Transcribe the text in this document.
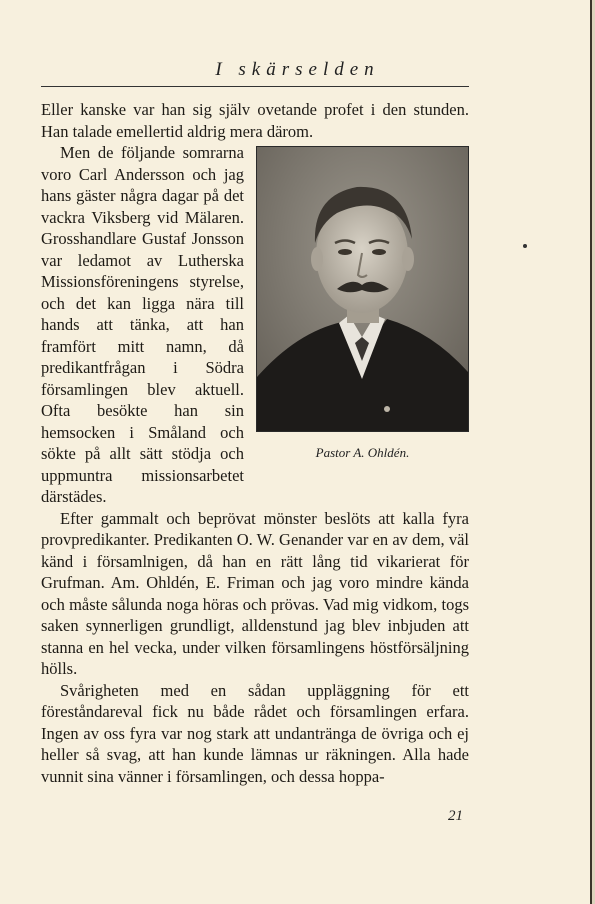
I skärselden

Eller kanske var han sig själv ovetande profet i den stunden. Han talade emellertid aldrig mera därom.

Pastor A. Ohldén.
Men de följande somrarna voro Carl Andersson och jag hans gäster några dagar på det vackra Viksberg vid Mälaren. Grosshandlare Gustaf Jonsson var ledamot av Lutherska Missionsföreningens styrelse, och det kan ligga nära till hands att tänka, att han framfört mitt namn, då predikantfrågan i Södra församlingen blev aktuell. Ofta besökte han sin hemsocken i Småland och sökte på allt sätt stödja och uppmuntra missionsarbetet därstädes.

Efter gammalt och beprövat mönster beslöts att kalla fyra provpredikanter. Predikanten O. W. Genander var en av dem, väl känd i församlnigen, då han en rätt lång tid vikarierat för Grufman. Am. Ohldén, E. Friman och jag voro mindre kända och måste sålunda noga höras och prövas. Vad mig vidkom, togs saken synnerligen grundligt, alldenstund jag blev inbjuden att stanna en hel vecka, under vilken församlingens höstförsäljning hölls.

Svårigheten med en sådan uppläggning för ett föreståndareval fick nu både rådet och församlingen erfara. Ingen av oss fyra var nog stark att undantränga de övriga och ej heller så svag, att han kunde lämnas ur räkningen. Alla hade vunnit sina vänner i församlingen, och dessa hoppa-

21
